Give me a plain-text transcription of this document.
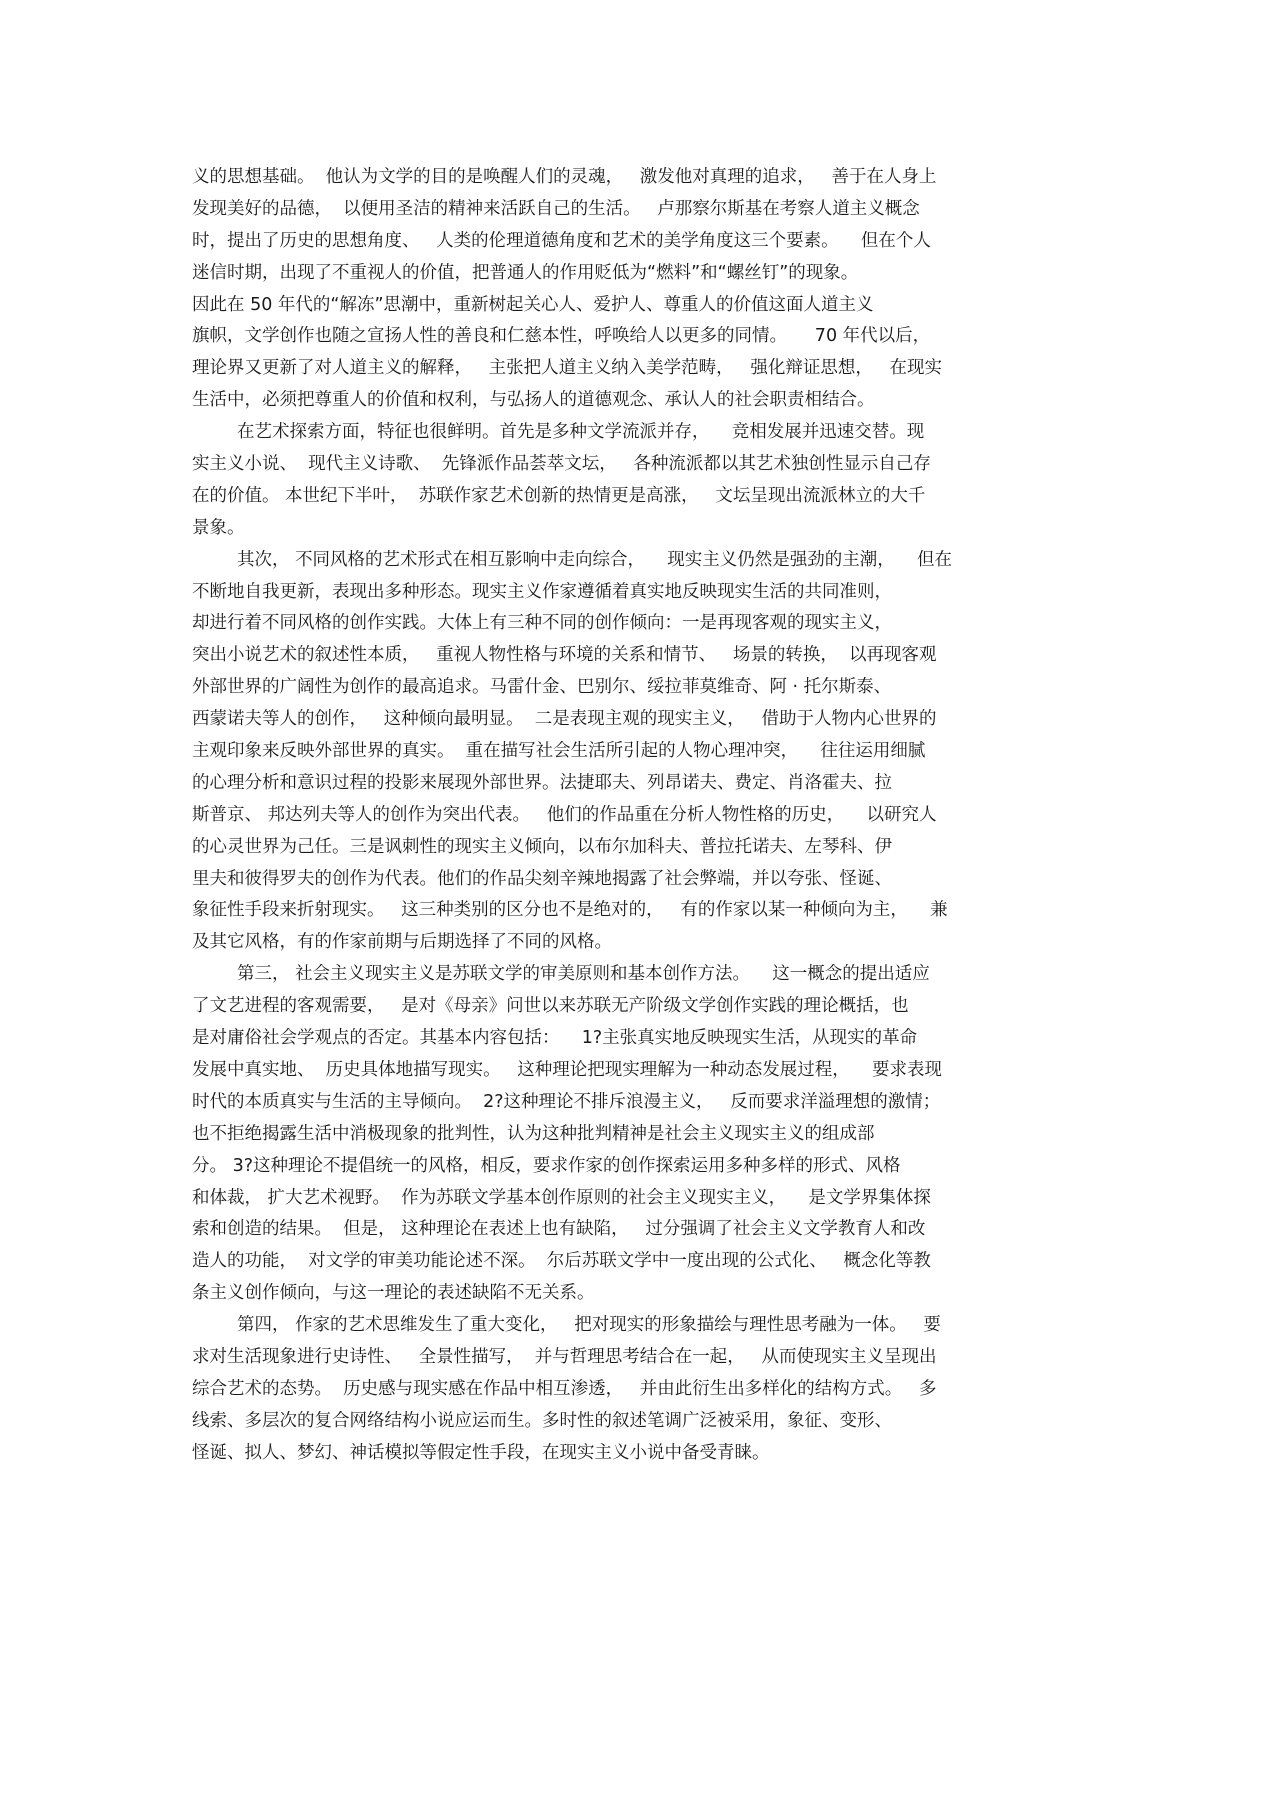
义的思想基础。  他认为文学的目的是唤醒人们的灵魂，   激发他对真理的追求，   善于在人身上
发现美好的品德，  以便用圣洁的精神来活跃自己的生活。   卢那察尔斯基在考察人道主义概念
时，提出了历史的思想角度、   人类的伦理道德角度和艺术的美学角度这三个要素。    但在个人
迷信时期，出现了不重视人的价值，把普通人的作用贬低为“燃料”和“螺丝钉”的现象。
因此在 50 年代的“解冻”思潮中，重新树起关心人、爱护人、尊重人的价值这面人道主义
旗帜，文学创作也随之宣扬人性的善良和仁慈本性，呼唤给人以更多的同情。     70 年代以后，
理论界又更新了对人道主义的解释，   主张把人道主义纳入美学范畴，   强化辩证思想，   在现实
生活中，必须把尊重人的价值和权利，与弘扬人的道德观念、承认人的社会职责相结合。
在艺术探索方面，特征也很鲜明。首先是多种文学流派并存，    竞相发展并迅速交替。现
实主义小说、  现代主义诗歌、  先锋派作品荟萃文坛，   各种流派都以其艺术独创性显示自己存
在的价值。 本世纪下半叶，  苏联作家艺术创新的热情更是高涨，   文坛呈现出流派林立的大千
景象。
其次， 不同风格的艺术形式在相互影响中走向综合，    现实主义仍然是强劲的主潮，    但在
不断地自我更新，表现出多种形态。现实主义作家遵循着真实地反映现实生活的共同准则，
却进行着不同风格的创作实践。大体上有三种不同的创作倾向：一是再现客观的现实主义，
突出小说艺术的叙述性本质，   重视人物性格与环境的关系和情节、   场景的转换，  以再现客观
外部世界的广阔性为创作的最高追求。马雷什金、巴别尔、绥拉菲莫维奇、阿 · 托尔斯泰、
西蒙诺夫等人的创作，   这种倾向最明显。  二是表现主观的现实主义，   借助于人物内心世界的
主观印象来反映外部世界的真实。  重在描写社会生活所引起的人物心理冲突，    往往运用细腻
的心理分析和意识过程的投影来展现外部世界。法捷耶夫、列昂诺夫、费定、肖洛霍夫、拉
斯普京、 邦达列夫等人的创作为突出代表。   他们的作品重在分析人物性格的历史，    以研究人
的心灵世界为己任。三是讽刺性的现实主义倾向，以布尔加科夫、普拉托诺夫、左琴科、伊
里夫和彼得罗夫的创作为代表。他们的作品尖刻辛辣地揭露了社会弊端，并以夸张、怪诞、
象征性手段来折射现实。   这三种类别的区分也不是绝对的，   有的作家以某一种倾向为主，    兼
及其它风格，有的作家前期与后期选择了不同的风格。
第三， 社会主义现实主义是苏联文学的审美原则和基本创作方法。    这一概念的提出适应
了文艺进程的客观需要，   是对《母亲》问世以来苏联无产阶级文学创作实践的理论概括，也
是对庸俗社会学观点的否定。其基本内容包括：    1?主张真实地反映现实生活，从现实的革命
发展中真实地、  历史具体地描写现实。   这种理论把现实理解为一种动态发展过程，    要求表现
时代的本质真实与生活的主导倾向。  2?这种理论不排斥浪漫主义，   反而要求洋溢理想的激情；
也不拒绝揭露生活中消极现象的批判性，认为这种批判精神是社会主义现实主义的组成部
分。 3?这种理论不提倡统一的风格，相反，要求作家的创作探索运用多种多样的形式、风格
和体裁， 扩大艺术视野。  作为苏联文学基本创作原则的社会主义现实主义，    是文学界集体探
索和创造的结果。  但是， 这种理论在表述上也有缺陷，   过分强调了社会主义文学教育人和改
造人的功能，  对文学的审美功能论述不深。  尔后苏联文学中一度出现的公式化、   概念化等教
条主义创作倾向，与这一理论的表述缺陷不无关系。
第四， 作家的艺术思维发生了重大变化，   把对现实的形象描绘与理性思考融为一体。   要
求对生活现象进行史诗性、   全景性描写，  并与哲理思考结合在一起，   从而使现实主义呈现出
综合艺术的态势。  历史感与现实感在作品中相互渗透，   并由此衍生出多样化的结构方式。   多
线索、多层次的复合网络结构小说应运而生。多时性的叙述笔调广泛被采用，象征、变形、
怪诞、拟人、梦幻、神话模拟等假定性手段，在现实主义小说中备受青睐。
